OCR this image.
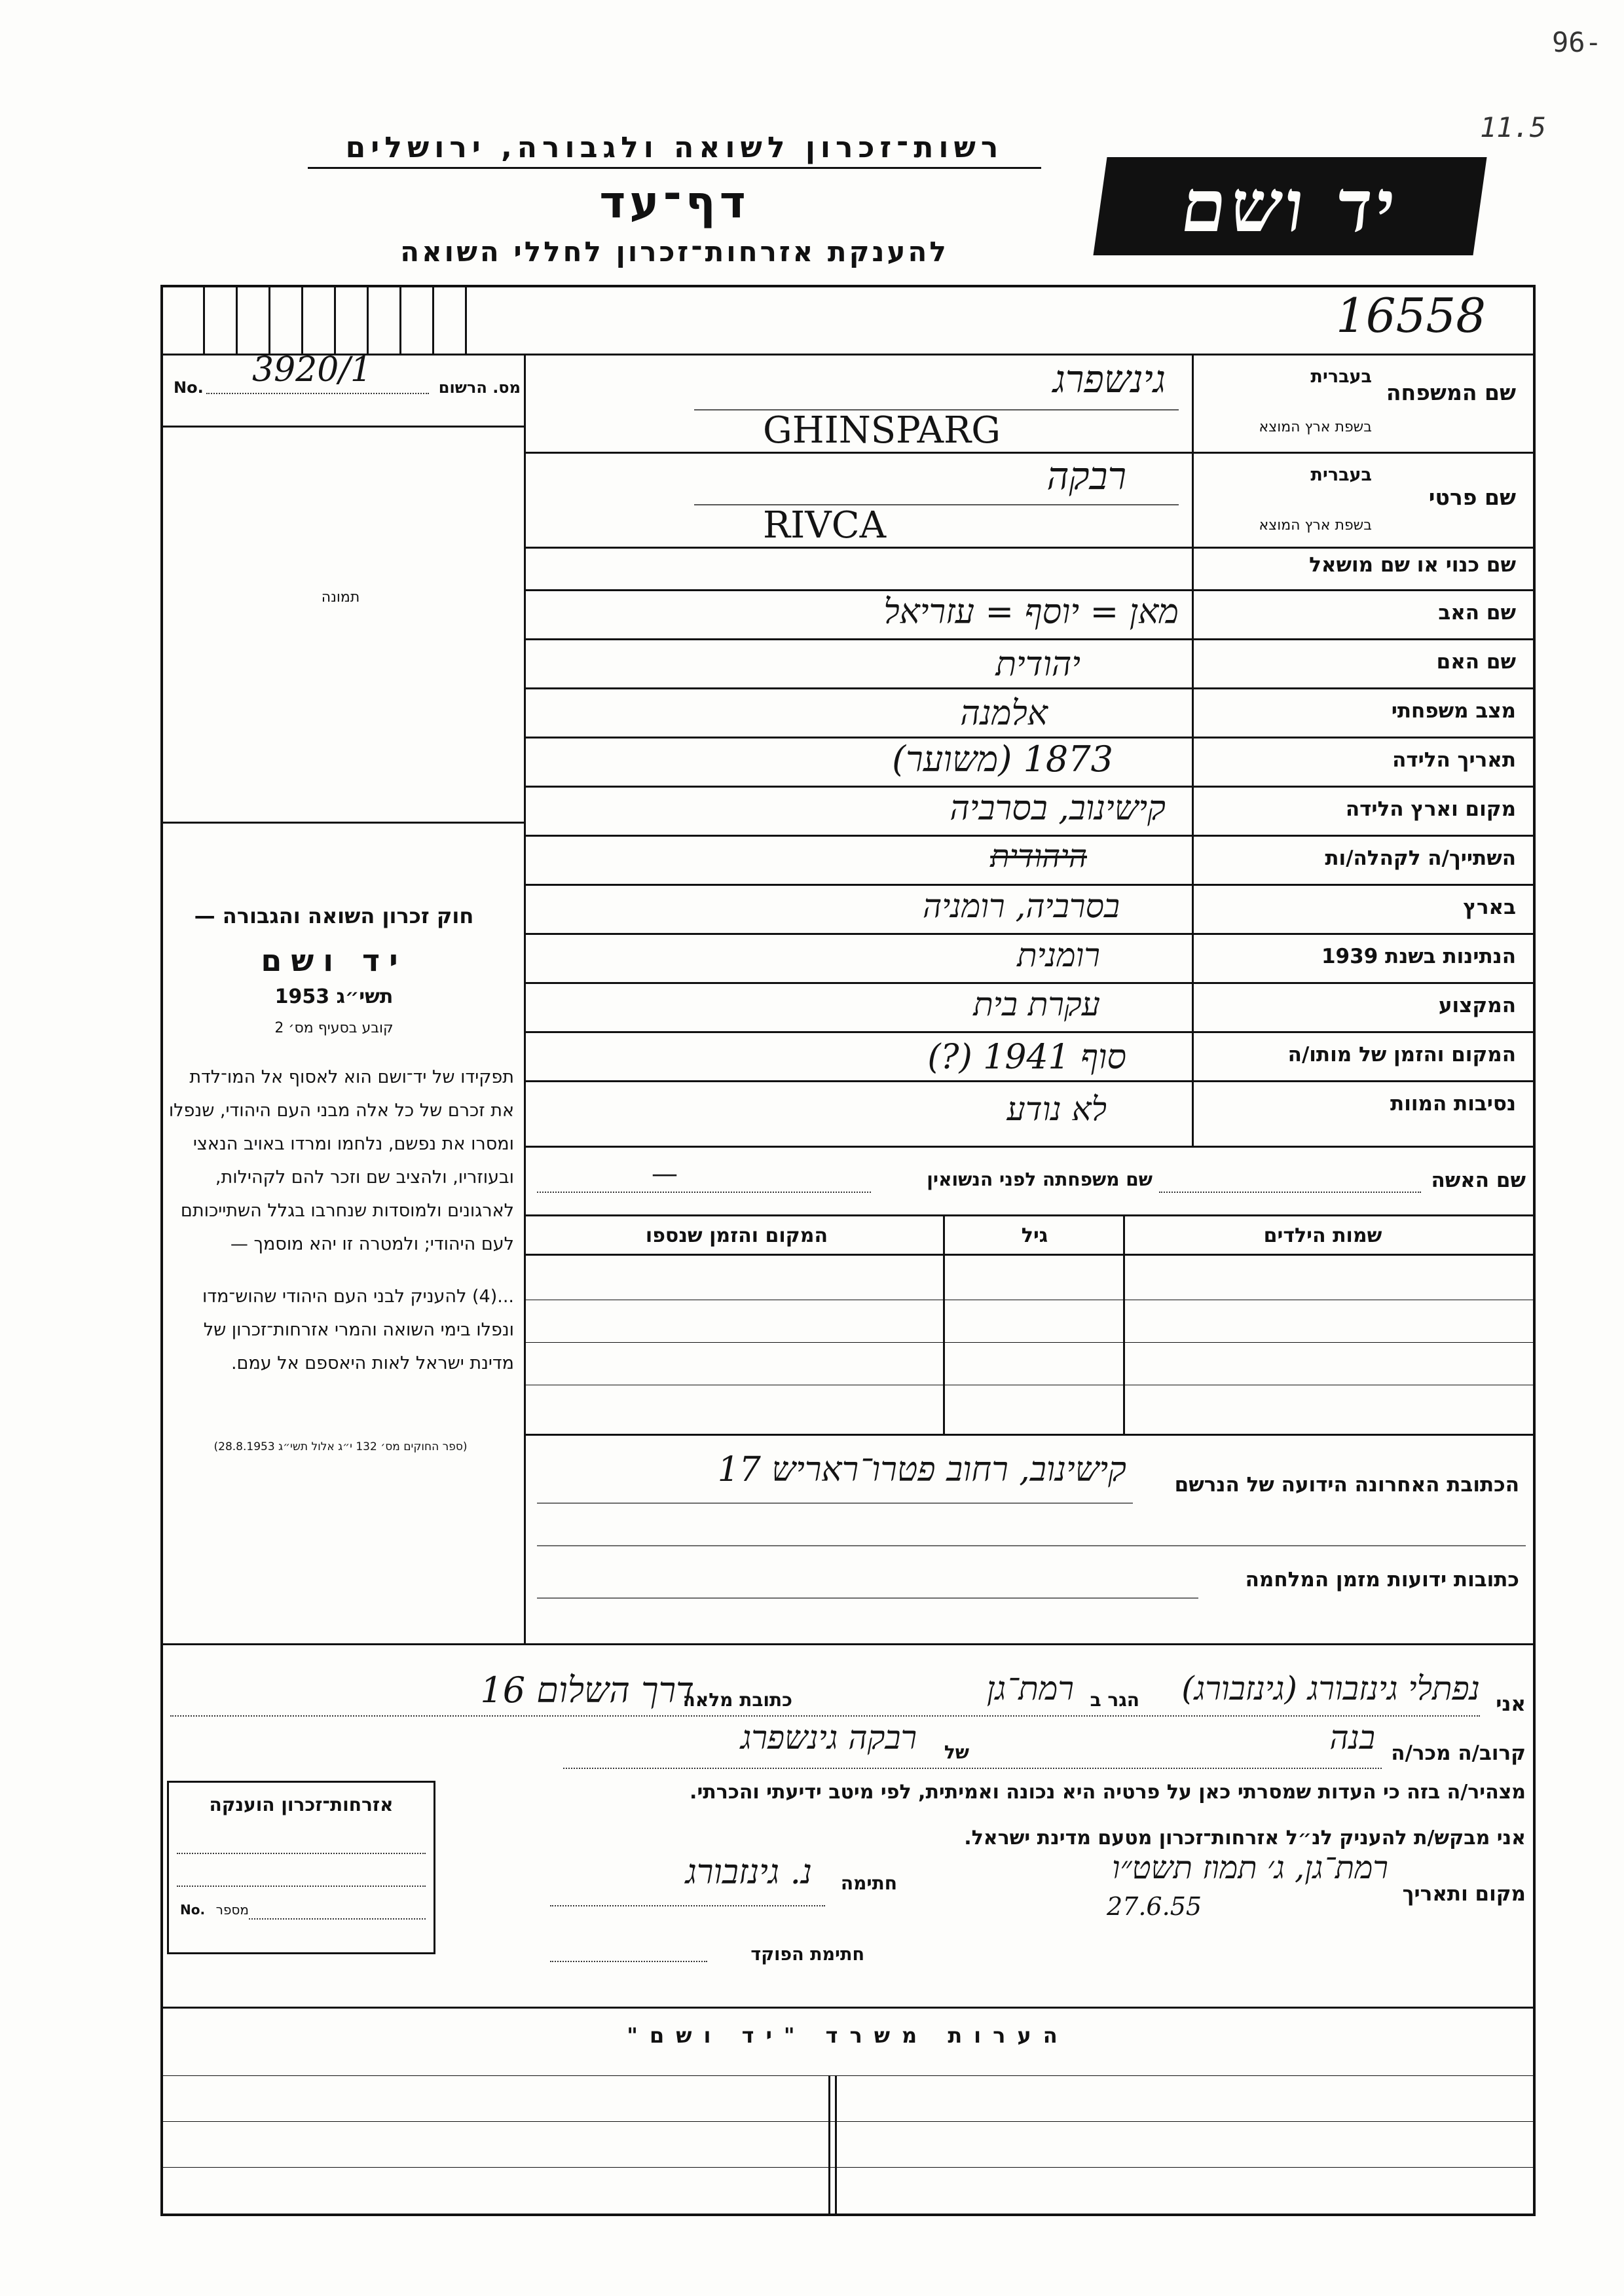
96-
11.5
רשות־זכרון לשואה ולגבורה, ירושלים
דף־עד
להענקת אזרחות־זכרון לחללי השואה
יד ושם
16558
No. 3920/1	מס. הרשום
תמונה
חוק זכרון השואה והגבורה —
יד ושם
תשי״ג 1953
קובע בסעיף מס׳ 2
תפקידו של יד־ושם הוא לאסוף אל המו־לדת את זכרם של כל אלה מבני העם היהודי, שנפלו ומסרו את נפשם, נלחמו ומרדו באויב הנאצי ובעוזריו, ולהציב שם וזכר להם לקהילות, לארגונים ולמוסדות שנחרבו בגלל השתייכותם לעם היהודי; ולמטרה זו יהא מוסמך —
...(4) להעניק לבני העם היהודי שהוש־מדו ונפלו בימי השואה והמרי אזרחות־זכרון של מדינת ישראל לאות היאספם אל עמם.
(ספר החוקים מס׳ 132 י״ג אלול תשי״ג 28.8.1953)
שם המשפחה
בעברית
בשפת ארץ המוצא
שם פרטי
בעברית
בשפת ארץ המוצא
שם כנוי או שם מושאל
שם האב
שם האם
מצב משפחתי
תאריך הלידה
מקום וארץ הלידה
השתייך/ה לקהלה/ות
בארץ
הנתינות בשנת 1939
המקצוע
המקום והזמן של מותו/ה
נסיבות המוות
גינשפרג
GHINSPARG
רבקה
RIVCA
מאן = יוסף = עזריאל
יהודית
אלמנה
1873 (משוער)
קישינוב, בסרביה
היהודית
בסרביה, רומניה
רומנית
עקרת בית
סוף 1941 (?)
לא נודע
שם האשה
שם משפחתה לפני הנשואין
—
שמות הילדים
גיל
המקום והזמן שנספו
הכתובת האחרונה הידועה של הנרשם
קישינוב, רחוב פטרו־ראריש 17
כתובות ידועות מזמן המלחמה
אני
נפתלי גינזבורג (גינזבורג)
הגר ב
רמת־גן
כתובת מלאה
דרך השלום 16
קרוב/ה מכר/ה
בנה
של
רבקה גינשפרג
מצהיר/ה בזה כי העדות שמסרתי כאן על פרטיה היא נכונה ואמיתית, לפי מיטב ידיעתי והכרתי.
אני מבקש/ת להעניק לנ״ל אזרחות־זכרון מטעם מדינת ישראל.
מקום ותאריך
רמת־גן, ג׳ תמוז תשט״ו
27.6.55
חתימה
נ. גינזבורג
חתימת הפוקד
אזרחות־זכרון הוענקה
No. מספר
הערות משרד "יד ושם"
